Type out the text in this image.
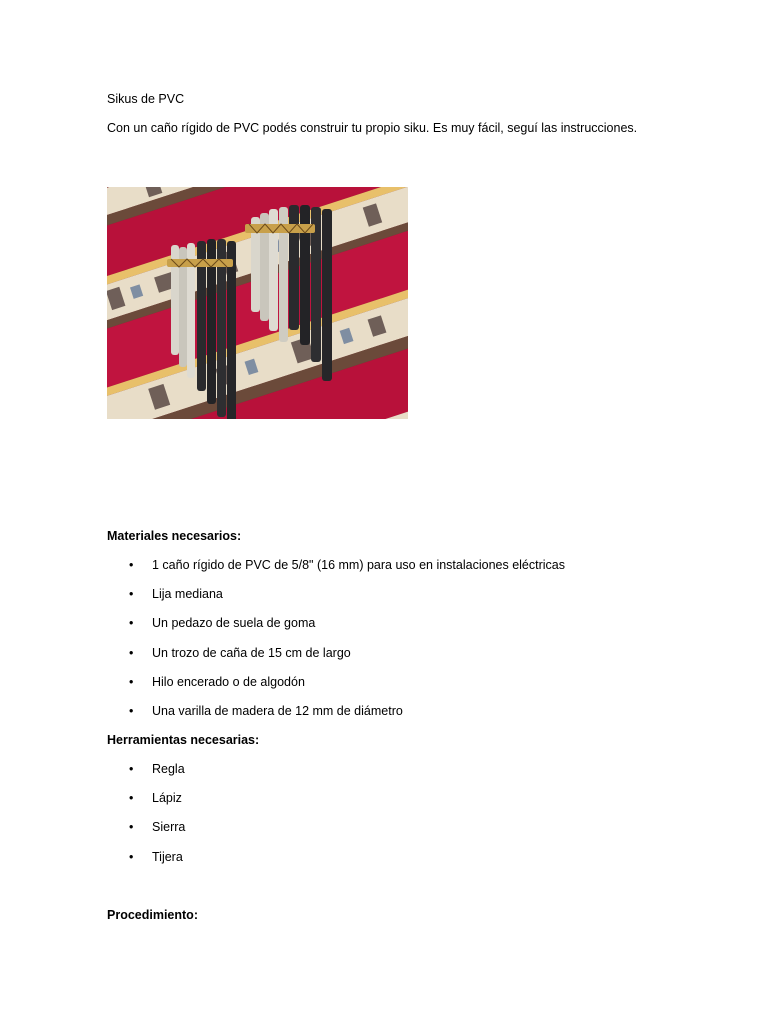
Sikus de PVC

Con un caño rígido de PVC podés construir tu propio siku. Es muy fácil, seguí las instrucciones.

Materiales necesarios:
• 1 caño rígido de PVC de 5/8" (16 mm) para uso en instalaciones eléctricas
• Lija mediana
• Un pedazo de suela de goma
• Un trozo de caña de 15 cm de largo
• Hilo encerado o de algodón
• Una varilla de madera de 12 mm de diámetro
Herramientas necesarias:
• Regla
• Lápiz
• Sierra
• Tijera
Procedimiento:
